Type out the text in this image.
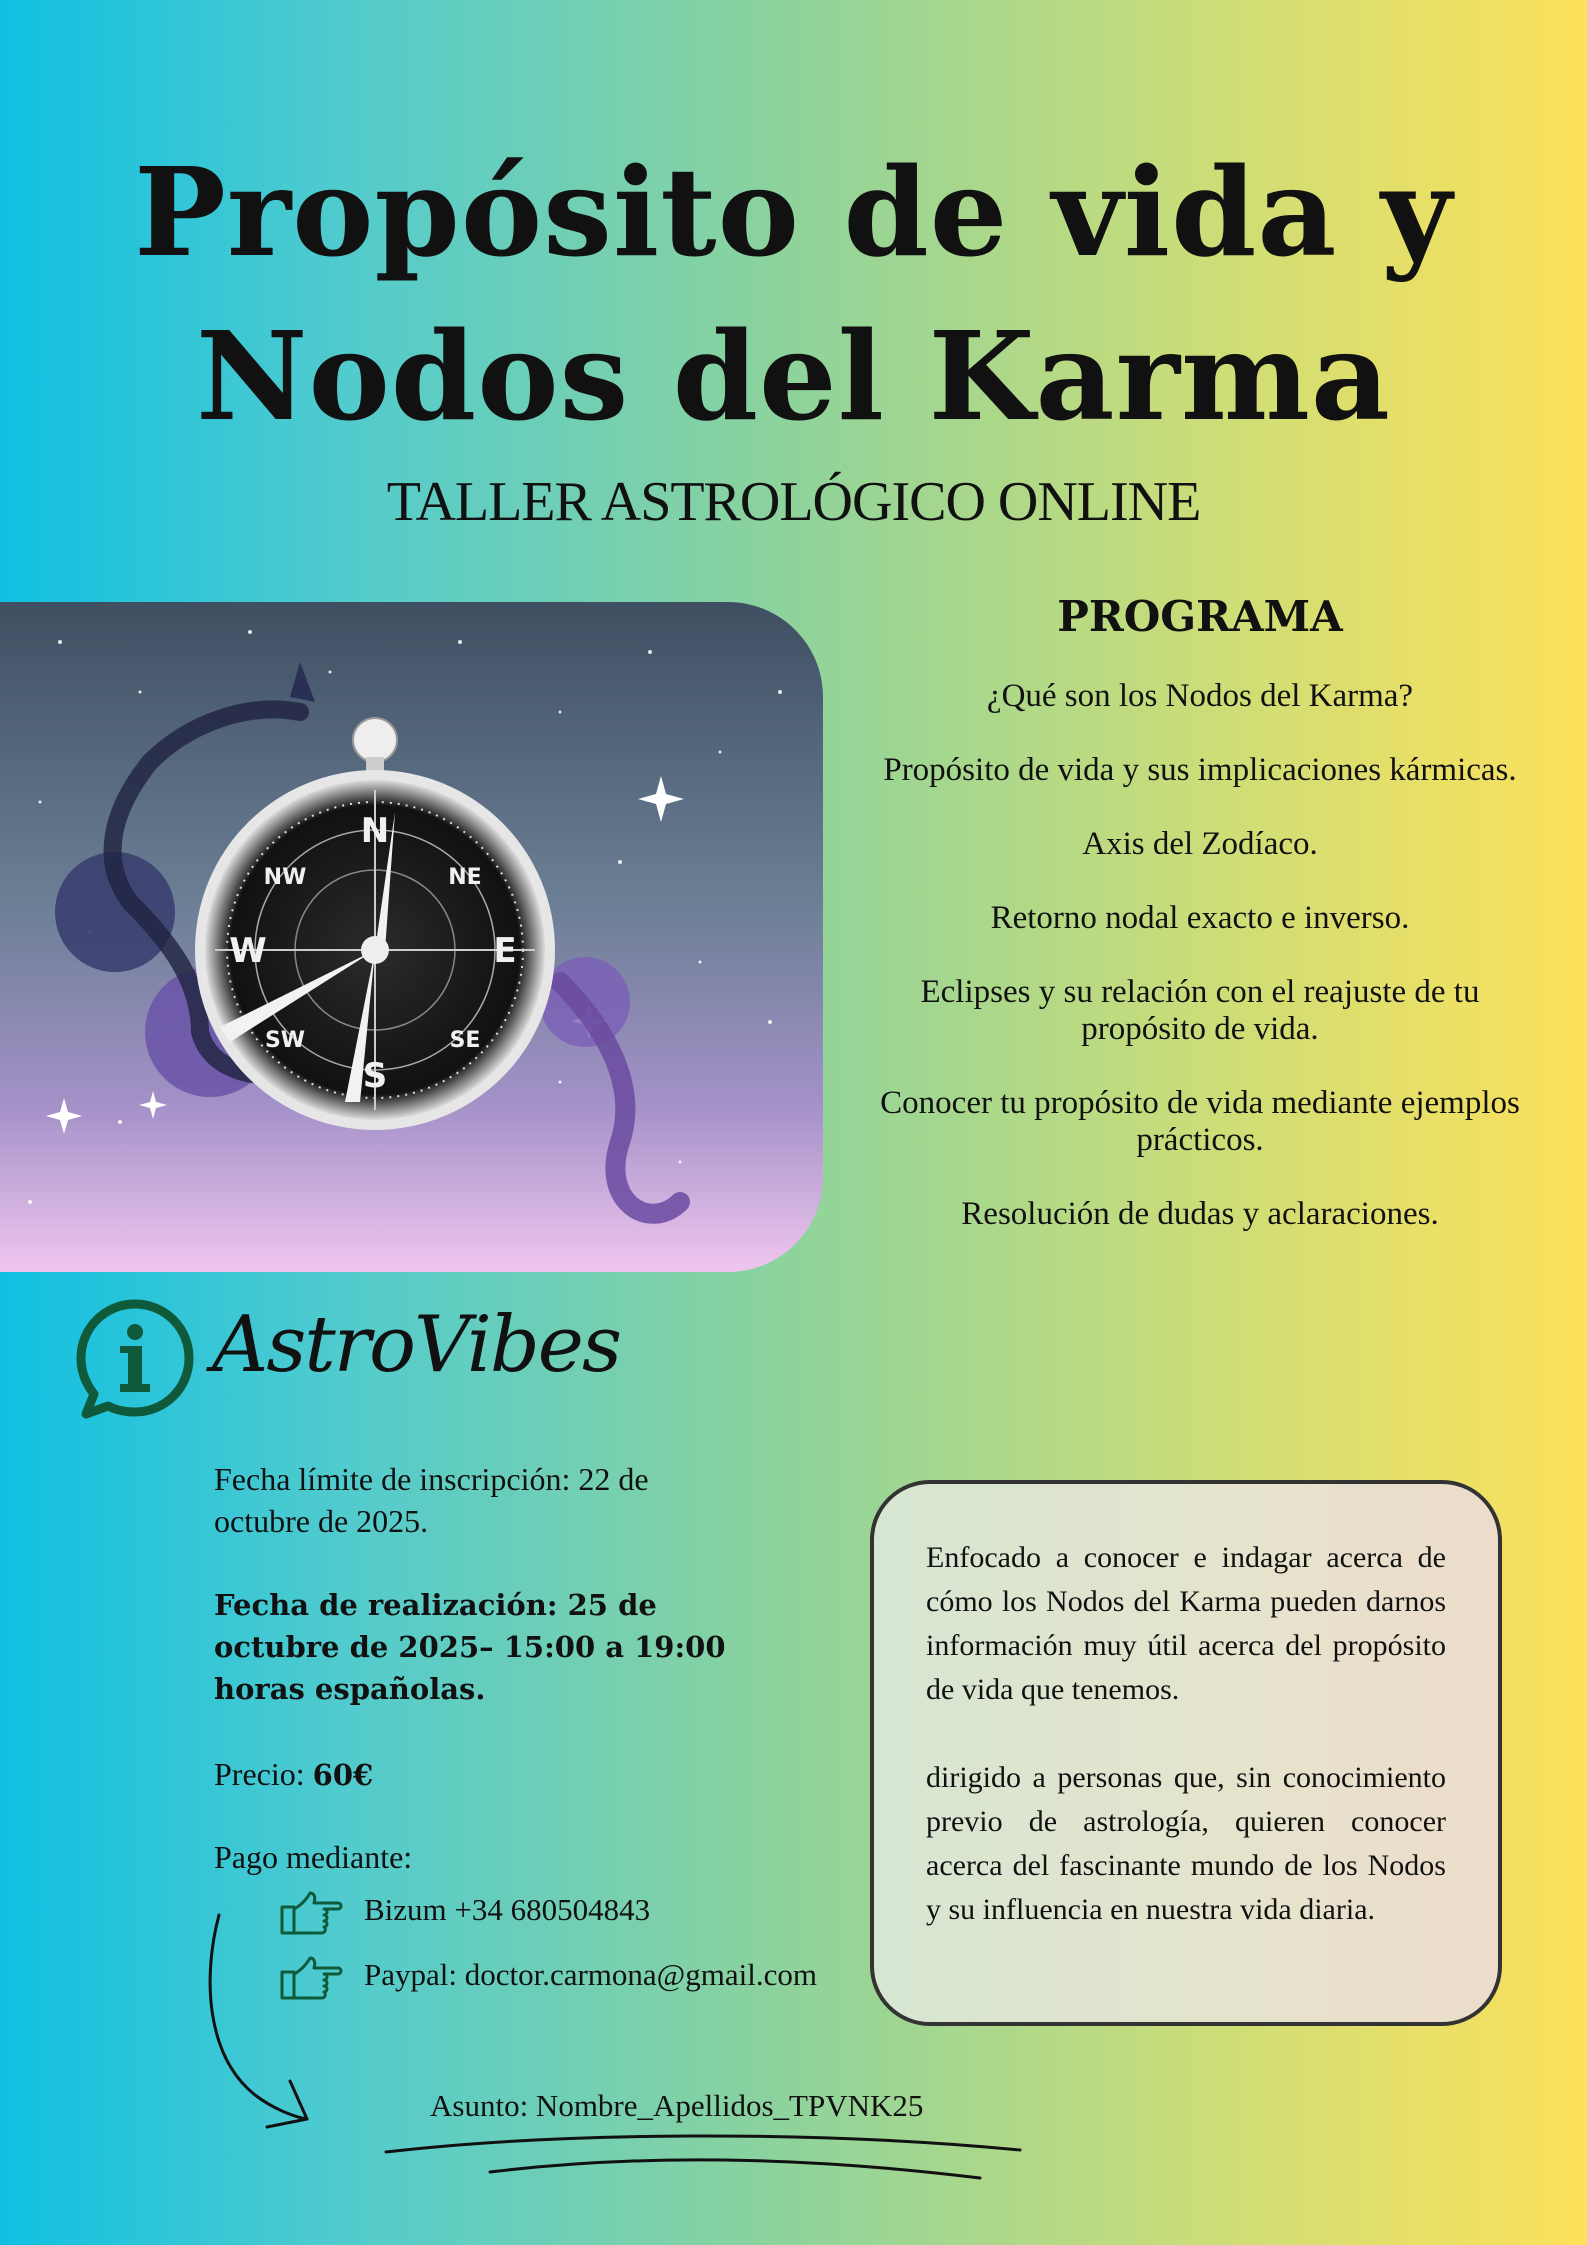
Propósito de vida y
Nodos del Karma
TALLER ASTROLÓGICO ONLINE
N
NE
E
SE
S
SW
W
NW
PROGRAMA
¿Qué son los Nodos del Karma?
Propósito de vida y sus implicaciones kármicas.
Axis del Zodíaco.
Retorno nodal exacto e inverso.
Eclipses y su relación con el reajuste de tu propósito de vida.
Conocer tu propósito de vida mediante ejemplos prácticos.
Resolución de dudas y aclaraciones.
AstroVibes
Fecha límite de inscripción: 22 de octubre de 2025.
Fecha de realización: 25 de octubre de 2025– 15:00 a 19:00 horas españolas.
Precio: 60€
Pago mediante:
Bizum +34 680504843
Paypal: doctor.carmona@gmail.com
Asunto: Nombre_Apellidos_TPVNK25

Enfocado a conocer e indagar acerca de cómo los Nodos del Karma pueden darnos información muy útil acerca del propósito de vida que tenemos.

dirigido a personas que, sin conocimiento previo de astrología, quieren conocer acerca del fascinante mundo de los Nodos y su influencia en nuestra vida diaria.
